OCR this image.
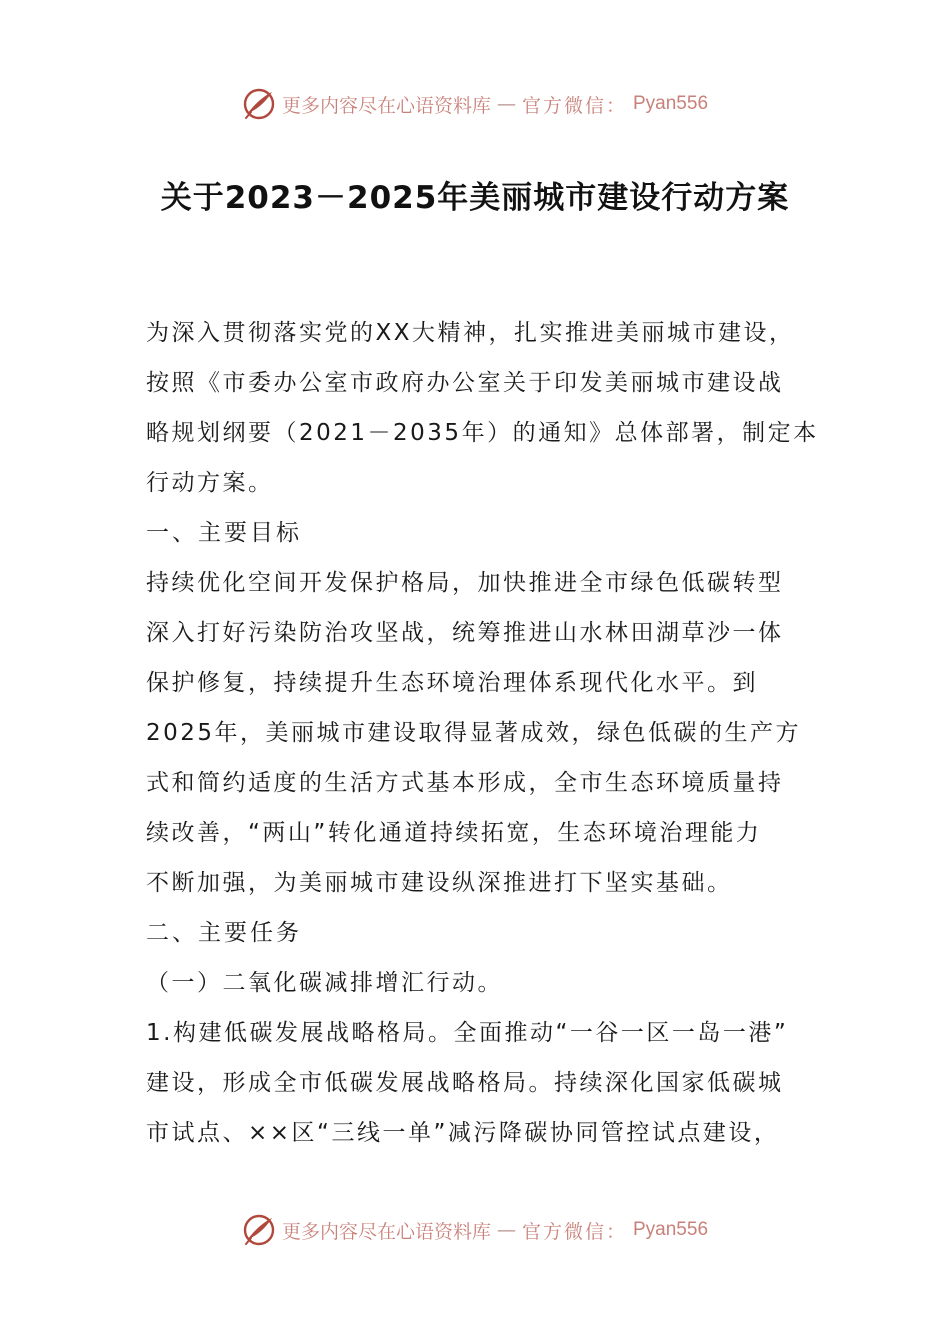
更多内容尽在心语资料库 — 官方微信： Pyan556
关于2023－2025年美丽城市建设行动方案
为深入贯彻落实党的XX大精神，扎实推进美丽城市建设，
按照《市委办公室市政府办公室关于印发美丽城市建设战
略规划纲要（2021－2035年）的通知》总体部署，制定本
行动方案。
一、主要目标
持续优化空间开发保护格局，加快推进全市绿色低碳转型
深入打好污染防治攻坚战，统筹推进山水林田湖草沙一体
保护修复，持续提升生态环境治理体系现代化水平。到
2025年，美丽城市建设取得显著成效，绿色低碳的生产方
式和简约适度的生活方式基本形成，全市生态环境质量持
续改善，“两山”转化通道持续拓宽，生态环境治理能力
不断加强，为美丽城市建设纵深推进打下坚实基础。
二、主要任务
（一）二氧化碳减排增汇行动。
1.构建低碳发展战略格局。全面推动“一谷一区一岛一港”
建设，形成全市低碳发展战略格局。持续深化国家低碳城
市试点、××区“三线一单”减污降碳协同管控试点建设，
更多内容尽在心语资料库 — 官方微信： Pyan556
